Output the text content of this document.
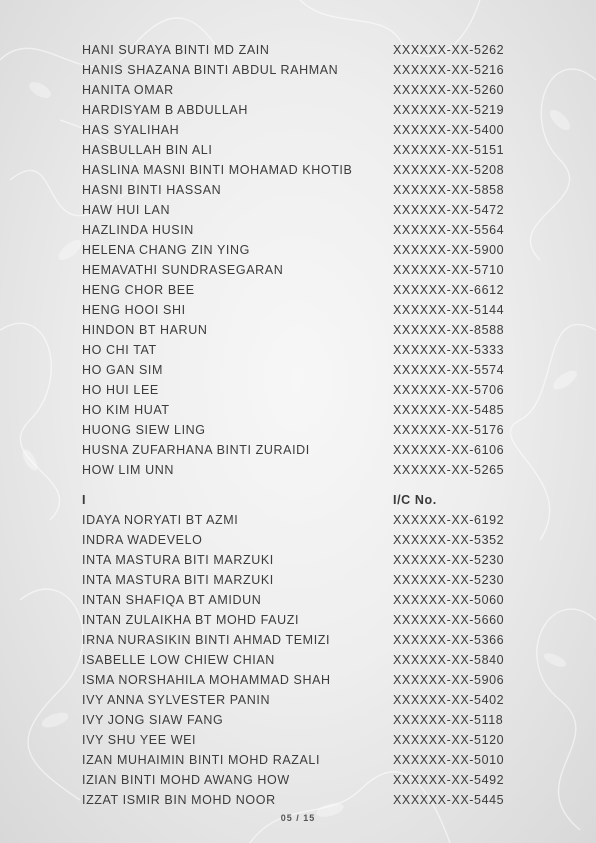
HANI SURAYA BINTI MD ZAIN	XXXXXX-XX-5262
HANIS SHAZANA BINTI ABDUL RAHMAN	XXXXXX-XX-5216
HANITA OMAR	XXXXXX-XX-5260
HARDISYAM B ABDULLAH	XXXXXX-XX-5219
HAS SYALIHAH	XXXXXX-XX-5400
HASBULLAH BIN ALI	XXXXXX-XX-5151
HASLINA MASNI BINTI MOHAMAD KHOTIB	XXXXXX-XX-5208
HASNI BINTI HASSAN	XXXXXX-XX-5858
HAW HUI LAN	XXXXXX-XX-5472
HAZLINDA HUSIN	XXXXXX-XX-5564
HELENA CHANG ZIN YING	XXXXXX-XX-5900
HEMAVATHI SUNDRASEGARAN	XXXXXX-XX-5710
HENG CHOR BEE	XXXXXX-XX-6612
HENG HOOI SHI	XXXXXX-XX-5144
HINDON BT HARUN	XXXXXX-XX-8588
HO CHI TAT	XXXXXX-XX-5333
HO GAN SIM	XXXXXX-XX-5574
HO HUI LEE	XXXXXX-XX-5706
HO KIM HUAT	XXXXXX-XX-5485
HUONG SIEW LING	XXXXXX-XX-5176
HUSNA ZUFARHANA BINTI ZURAIDI	XXXXXX-XX-6106
HOW LIM UNN	XXXXXX-XX-5265
I	I/C No.
IDAYA NORYATI BT AZMI	XXXXXX-XX-6192
INDRA WADEVELO	XXXXXX-XX-5352
INTA MASTURA BITI MARZUKI	XXXXXX-XX-5230
INTA MASTURA BITI MARZUKI	XXXXXX-XX-5230
INTAN SHAFIQA BT AMIDUN	XXXXXX-XX-5060
INTAN ZULAIKHA BT MOHD FAUZI	XXXXXX-XX-5660
IRNA NURASIKIN BINTI AHMAD TEMIZI	XXXXXX-XX-5366
ISABELLE LOW CHIEW CHIAN	XXXXXX-XX-5840
ISMA NORSHAHILA MOHAMMAD SHAH	XXXXXX-XX-5906
IVY ANNA SYLVESTER PANIN	XXXXXX-XX-5402
IVY JONG SIAW FANG	XXXXXX-XX-5118
IVY SHU YEE WEI	XXXXXX-XX-5120
IZAN MUHAIMIN BINTI MOHD RAZALI	XXXXXX-XX-5010
IZIAN BINTI MOHD AWANG HOW	XXXXXX-XX-5492
IZZAT ISMIR BIN MOHD NOOR	XXXXXX-XX-5445
05 / 15
